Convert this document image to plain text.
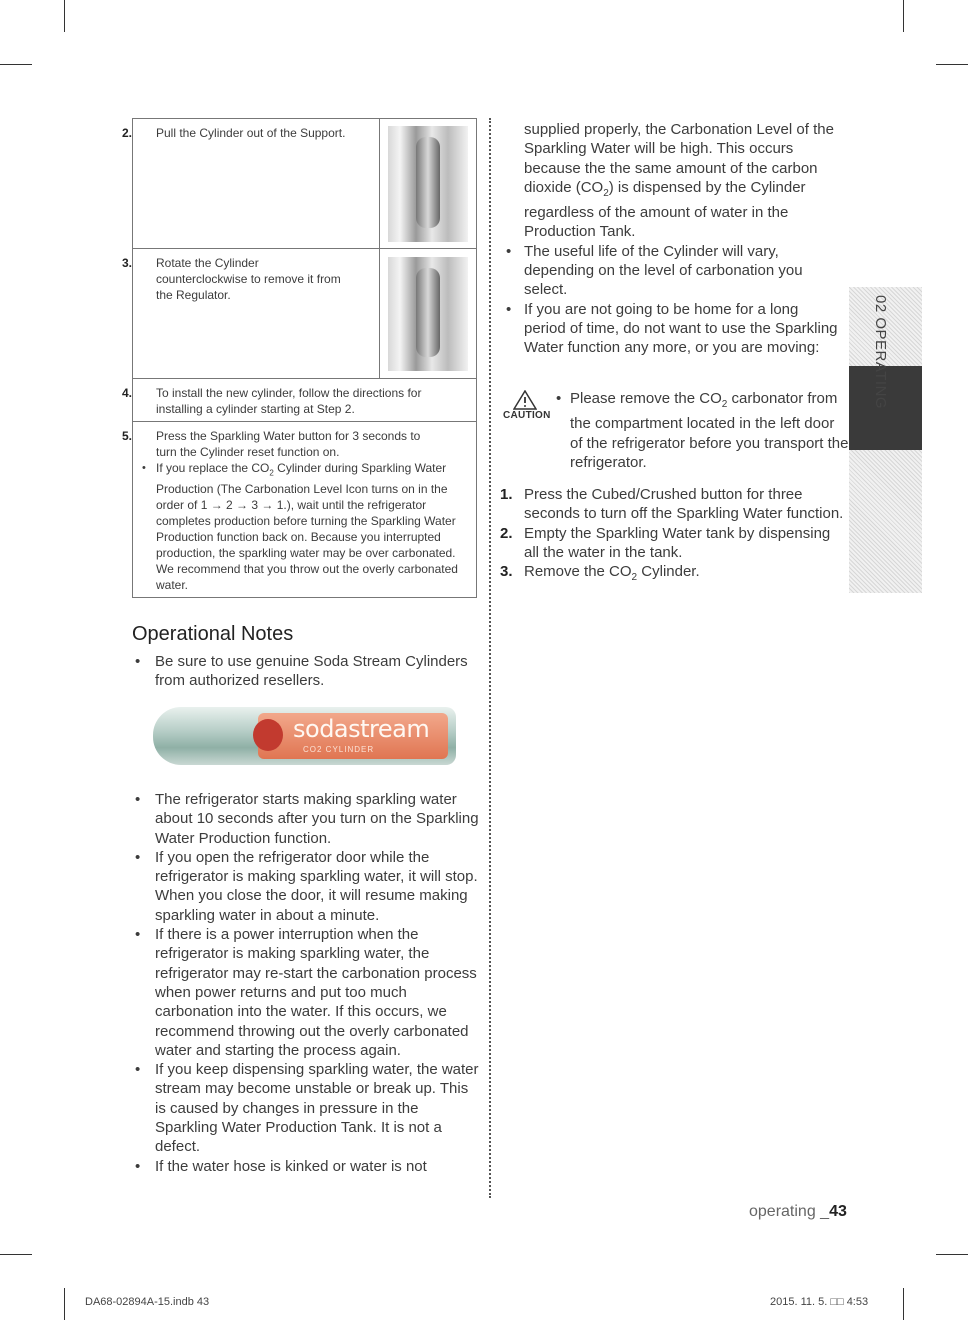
2. Pull the Cylinder out of the Support.

3. Rotate the Cylinder

counterclockwise to remove it from

the Regulator.

4. To install the new cylinder, follow the directions for

installing a cylinder starting at Step 2.

5. Press the Sparkling Water button for 3 seconds to

turn the Cylinder reset function on.

• If you replace the $CO_2$ Cylinder during Sparkling Water Production (The Carbonation Level Icon turns on in the order of 1 → 2 → 3 → 1.), wait until the refrigerator completes production before turning the Sparkling Water Production function back on. Because you interrupted production, the sparkling water may be over carbonated. We recommend that you throw out the overly carbonated water.

Operational Notes

• Be sure to use genuine Soda Stream Cylinders from authorized resellers.

sodastream
CO2 CYLINDER

• The refrigerator starts making sparkling water about 10 seconds after you turn on the Sparkling Water Production function.

• If you open the refrigerator door while the refrigerator is making sparkling water, it will stop. When you close the door, it will resume making sparkling water in about a minute.

• If there is a power interruption when the refrigerator is making sparkling water, the refrigerator may re-start the carbonation process when power returns and put too much carbonation into the water. If this occurs, we recommend throwing out the overly carbonated water and starting the process again.

• If you keep dispensing sparkling water, the water stream may become unstable or break up. This is caused by changes in pressure in the Sparkling Water Production Tank. It is not a defect.

• If the water hose is kinked or water is not

supplied properly, the Carbonation Level of the Sparkling Water will be high. This occurs because the the same amount of the carbon dioxide $(CO_2)$ is dispensed by the Cylinder regardless of the amount of water in the Production Tank.

• The useful life of the Cylinder will vary, depending on the level of carbonation you select.

• If you are not going to be home for a long period of time, do not want to use the Sparkling Water function any more, or you are moving:

CAUTION

• Please remove the $CO_2$ carbonator from the compartment located in the left door of the refrigerator before you transport the refrigerator.

1. Press the Cubed/Crushed button for three seconds to turn off the Sparkling Water function.

2. Empty the Sparkling Water tank by dispensing all the water in the tank.

3. Remove the $CO_2$ Cylinder.

02 OPERATING
operating _43
DA68-02894A-15.indb 43	2015. 11. 5. □□ 4:53
